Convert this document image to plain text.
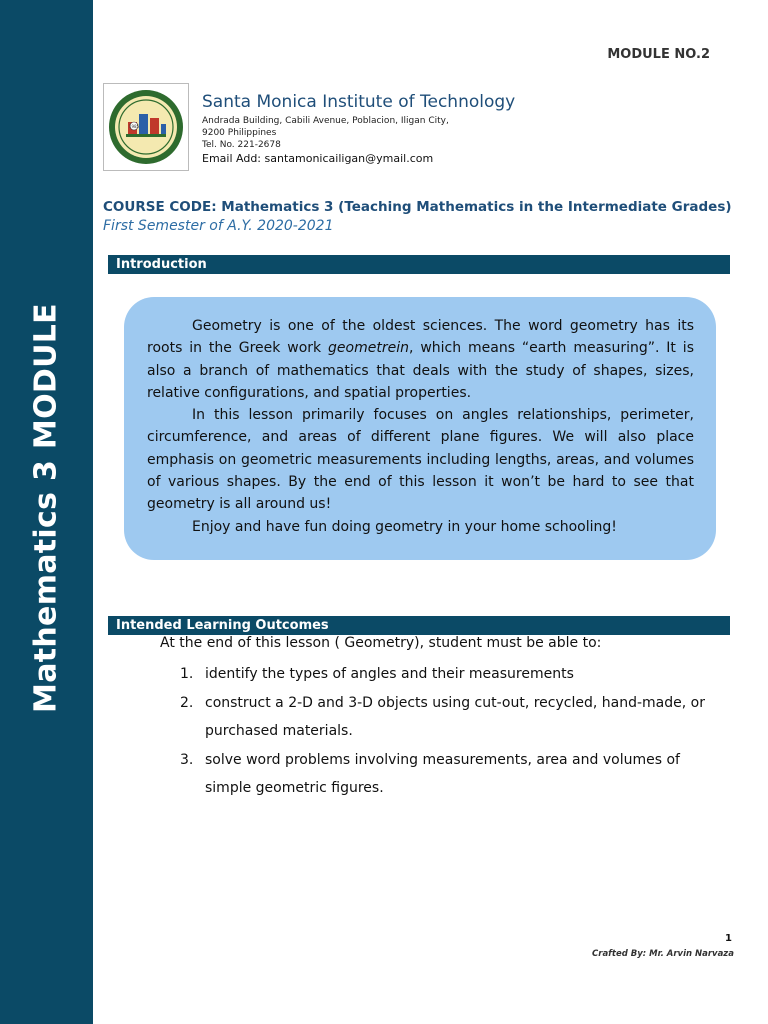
Mathematics 3 MODULE
MODULE NO.2
1985
Santa Monica Institute of Technology
Andrada Building, Cabili Avenue, Poblacion, Iligan City,
9200 Philippines
Tel. No. 221-2678
Email Add: santamonicailigan@ymail.com
COURSE CODE: Mathematics 3 (Teaching Mathematics in the Intermediate Grades)
First Semester of A.Y. 2020-2021
Introduction

Geometry is one of the oldest sciences. The word geometry has its roots in the Greek work geometrein, which means “earth measuring”. It is also a branch of mathematics that deals with the study of shapes, sizes, relative configurations, and spatial properties.

In this lesson primarily focuses on angles relationships, perimeter, circumference, and areas of different plane figures. We will also place emphasis on geometric measurements including lengths, areas, and volumes of various shapes. By the end of this lesson it won’t be hard to see that geometry is all around us!

Enjoy and have fun doing geometry in your home schooling!

Intended Learning Outcomes
At the end of this lesson ( Geometry), student must be able to:
1. identify the types of angles and their measurements
2. construct a 2-D and 3-D objects using cut-out, recycled, hand-made, or purchased materials.
3. solve word problems involving measurements, area and volumes of simple geometric figures.
1
Crafted By: Mr. Arvin Narvaza
